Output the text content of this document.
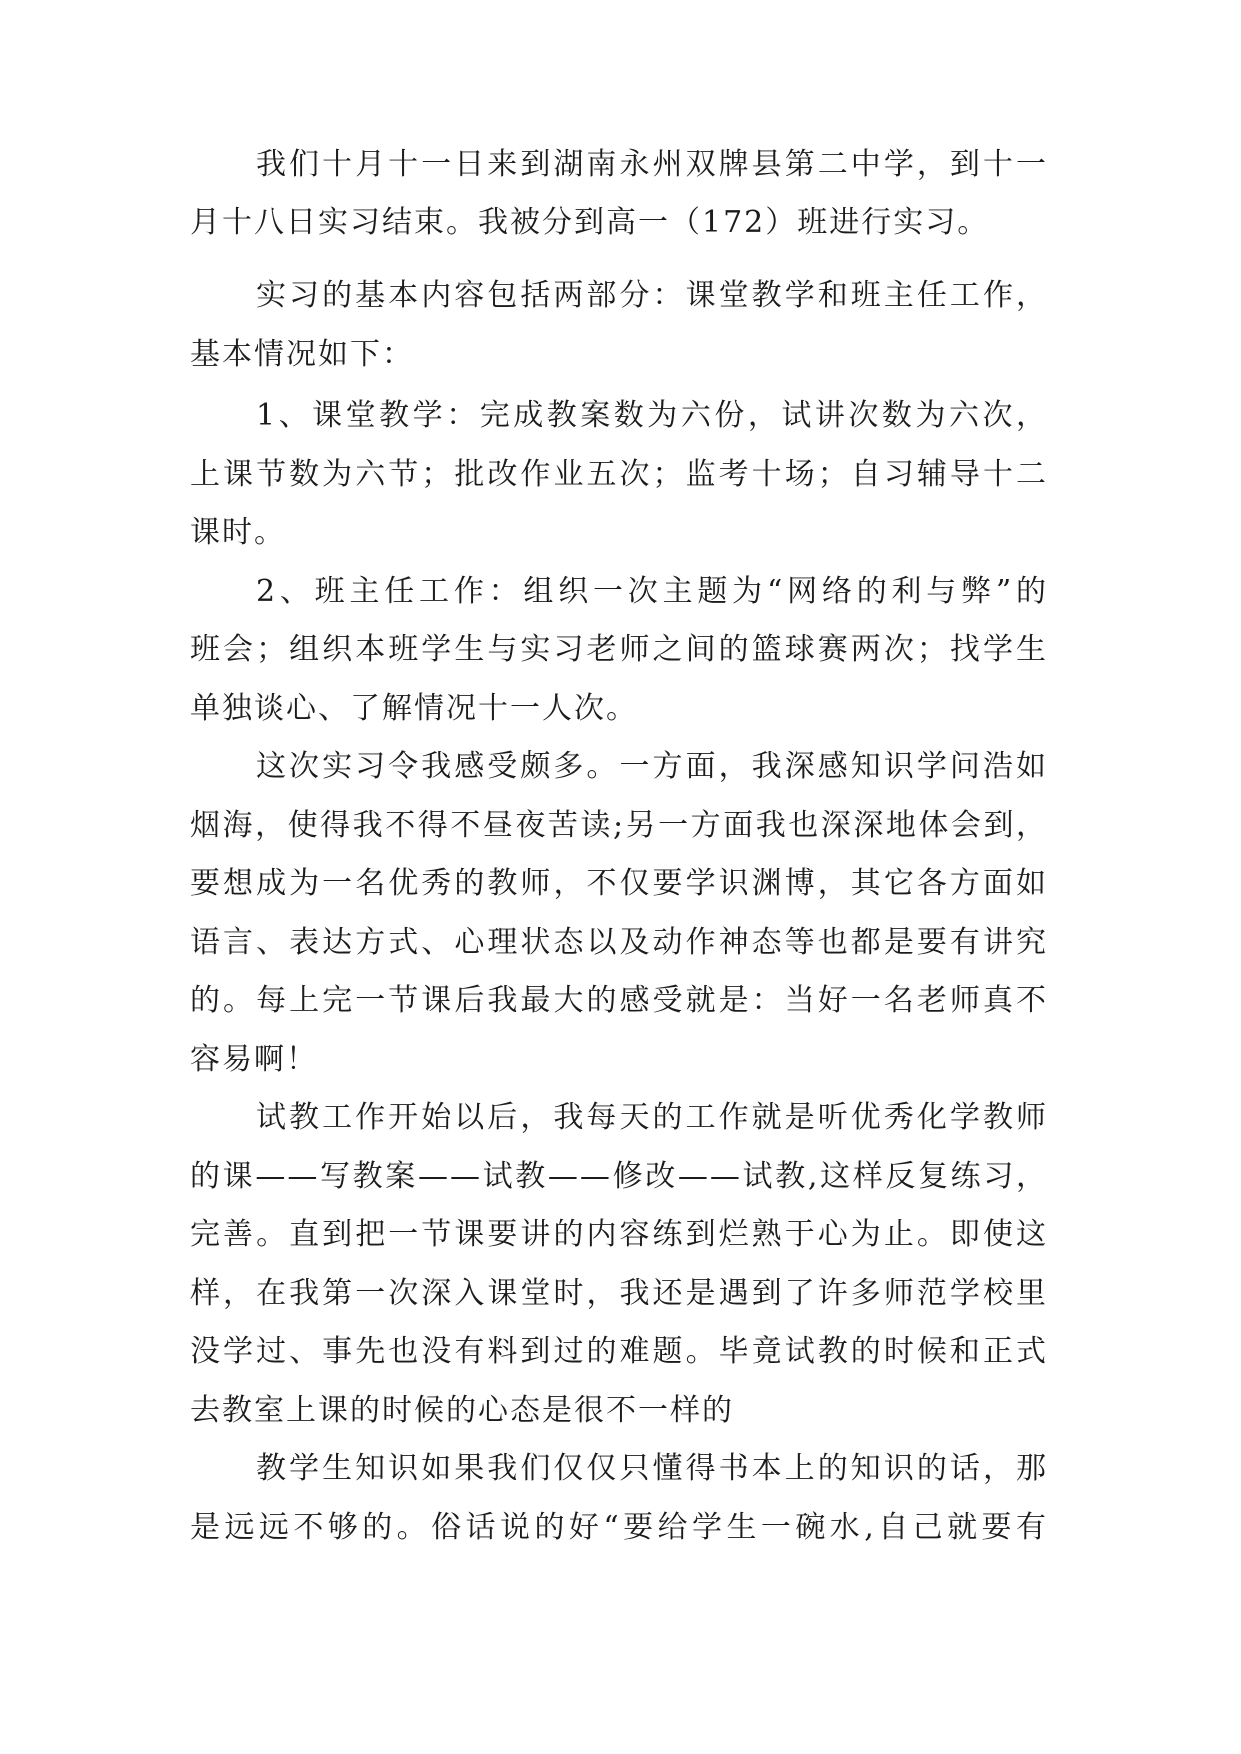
我们十月十一日来到湖南永州双牌县第二中学，到十一
月十八日实习结束。我被分到高一（172）班进行实习。
实习的基本内容包括两部分：课堂教学和班主任工作，
基本情况如下：
1、课堂教学：完成教案数为六份，试讲次数为六次，
上课节数为六节；批改作业五次；监考十场；自习辅导十二
课时。
2、班主任工作：组织一次主题为“网络的利与弊”的
班会；组织本班学生与实习老师之间的篮球赛两次；找学生
单独谈心、了解情况十一人次。
这次实习令我感受颇多。一方面，我深感知识学问浩如
烟海，使得我不得不昼夜苦读;另一方面我也深深地体会到，
要想成为一名优秀的教师，不仅要学识渊博，其它各方面如
语言、表达方式、心理状态以及动作神态等也都是要有讲究
的。每上完一节课后我最大的感受就是：当好一名老师真不
容易啊！
试教工作开始以后，我每天的工作就是听优秀化学教师
的课——写教案——试教——修改——试教,这样反复练习，
完善。直到把一节课要讲的内容练到烂熟于心为止。即使这
样，在我第一次深入课堂时，我还是遇到了许多师范学校里
没学过、事先也没有料到过的难题。毕竟试教的时候和正式
去教室上课的时候的心态是很不一样的
教学生知识如果我们仅仅只懂得书本上的知识的话，那
是远远不够的。俗话说的好“要给学生一碗水,自己就要有
